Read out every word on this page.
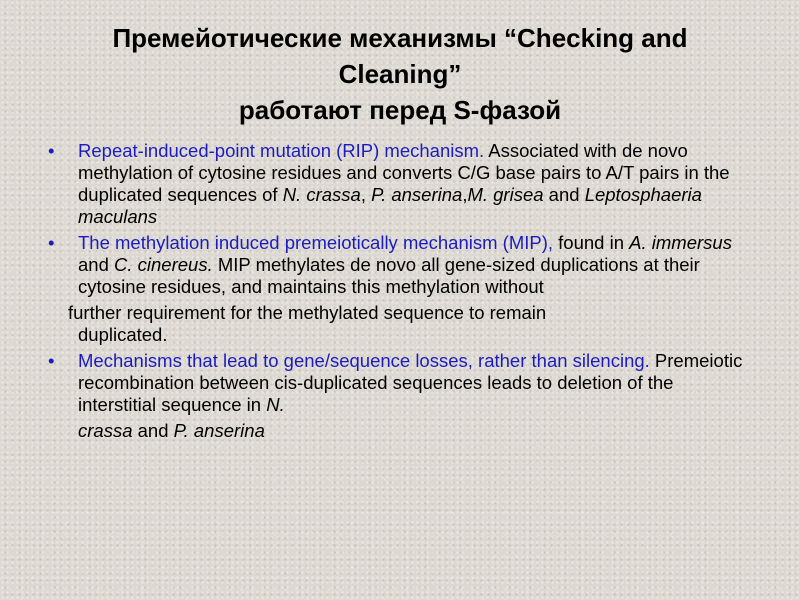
Премейотические механизмы “Checking and
Cleaning”
работают перед S-фазой

•	Repeat-induced-point mutation (RIP) mechanism. Associated with de novo methylation of cytosine residues and converts C/G base pairs to A/T pairs in the duplicated sequences of N. crassa, P. anserina,M. grisea and Leptosphaeria maculans

•	The methylation induced premeiotically mechanism (MIP), found in A. immersus and C. cinereus. MIP methylates de novo all gene-sized duplications at their cytosine residues, and maintains this methylation without

further requirement for the methylated sequence to remain

duplicated.

•	Mechanisms that lead to gene/sequence losses, rather than silencing. Premeiotic recombination between cis-duplicated sequences leads to deletion of the interstitial sequence in N.

crassa and P. anserina
